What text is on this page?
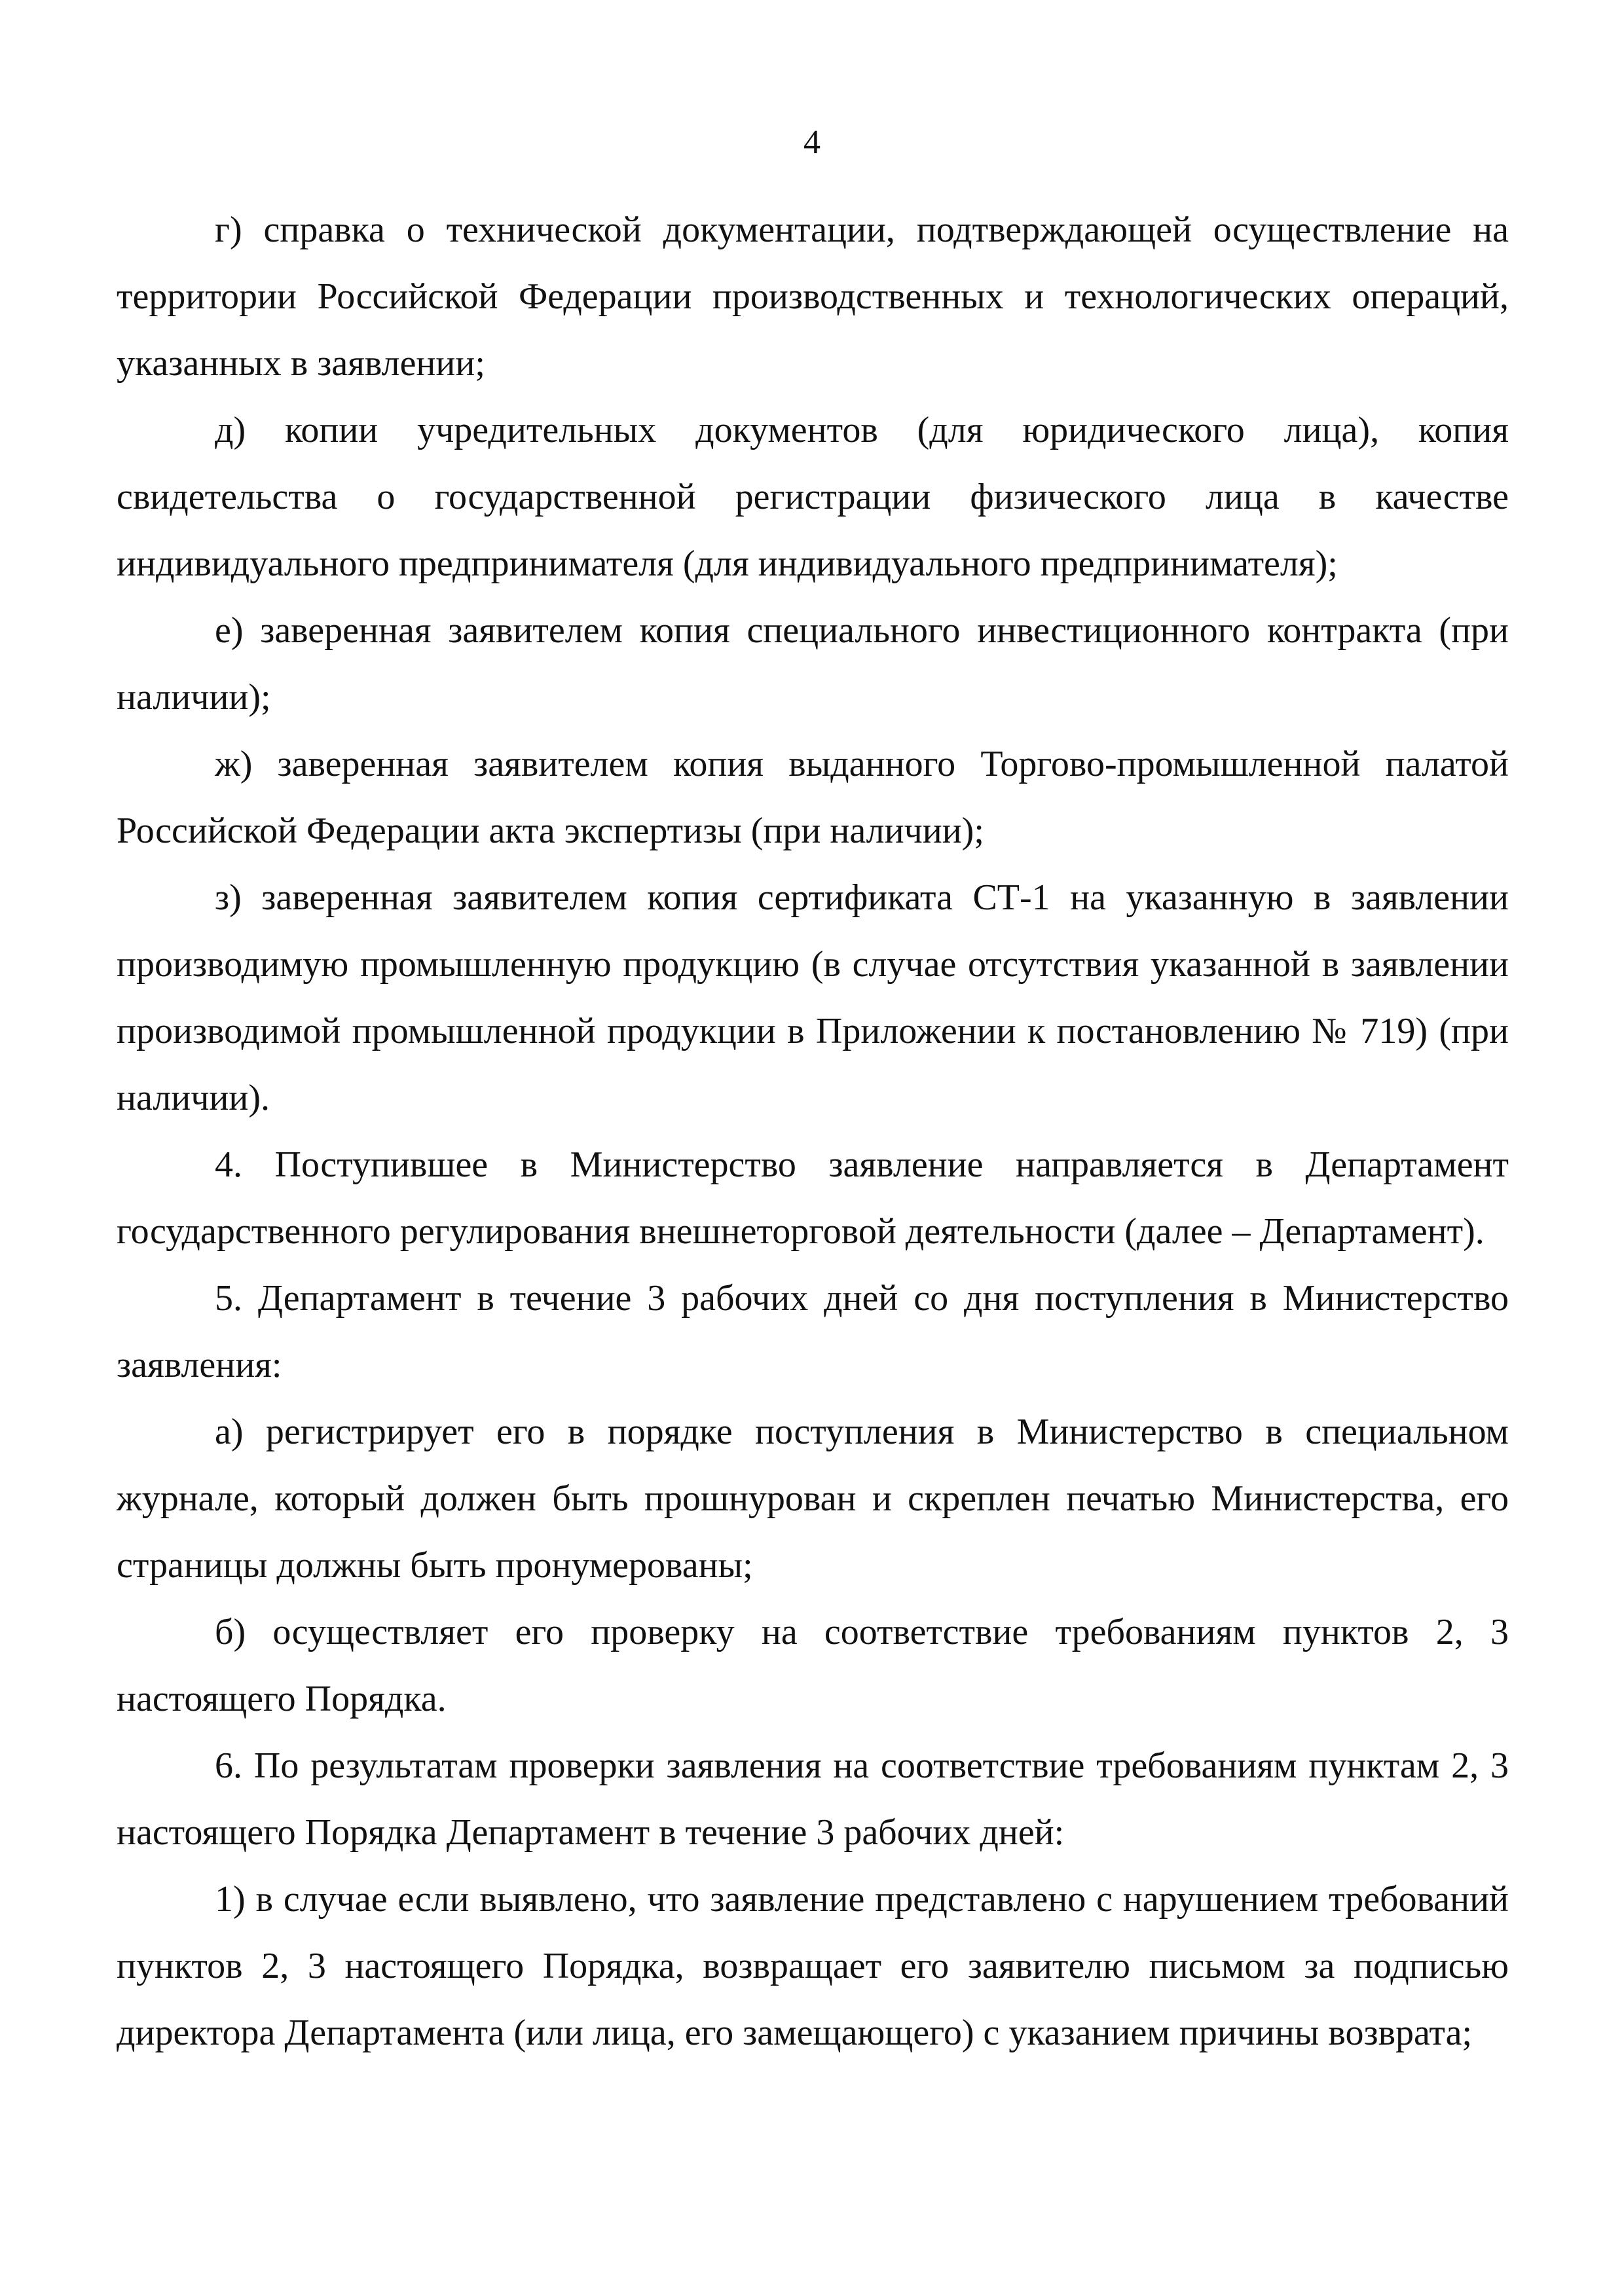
4

г) справка о технической документации, подтверждающей осуществление на территории Российской Федерации производственных и технологических операций, указанных в заявлении;

д) копии учредительных документов (для юридического лица), копия свидетельства о государственной регистрации физического лица в качестве индивидуального предпринимателя (для индивидуального предпринимателя);

е) заверенная заявителем копия специального инвестиционного контракта (при наличии);

ж) заверенная заявителем копия выданного Торгово-промышленной палатой Российской Федерации акта экспертизы (при наличии);

з) заверенная заявителем копия сертификата СТ-1 на указанную в заявлении производимую промышленную продукцию (в случае отсутствия указанной в заявлении производимой промышленной продукции в Приложении к постановлению № 719) (при наличии).

4. Поступившее в Министерство заявление направляется в Департамент государственного регулирования внешнеторговой деятельности (далее – Департамент).

5. Департамент в течение 3 рабочих дней со дня поступления в Министерство заявления:

а) регистрирует его в порядке поступления в Министерство в специальном журнале, который должен быть прошнурован и скреплен печатью Министерства, его страницы должны быть пронумерованы;

б) осуществляет его проверку на соответствие требованиям пунктов 2, 3 настоящего Порядка.

6. По результатам проверки заявления на соответствие требованиям пунктам 2, 3 настоящего Порядка Департамент в течение 3 рабочих дней:

1) в случае если выявлено, что заявление представлено с нарушением требований пунктов 2, 3 настоящего Порядка, возвращает его заявителю письмом за подписью директора Департамента (или лица, его замещающего) с указанием причины возврата;
